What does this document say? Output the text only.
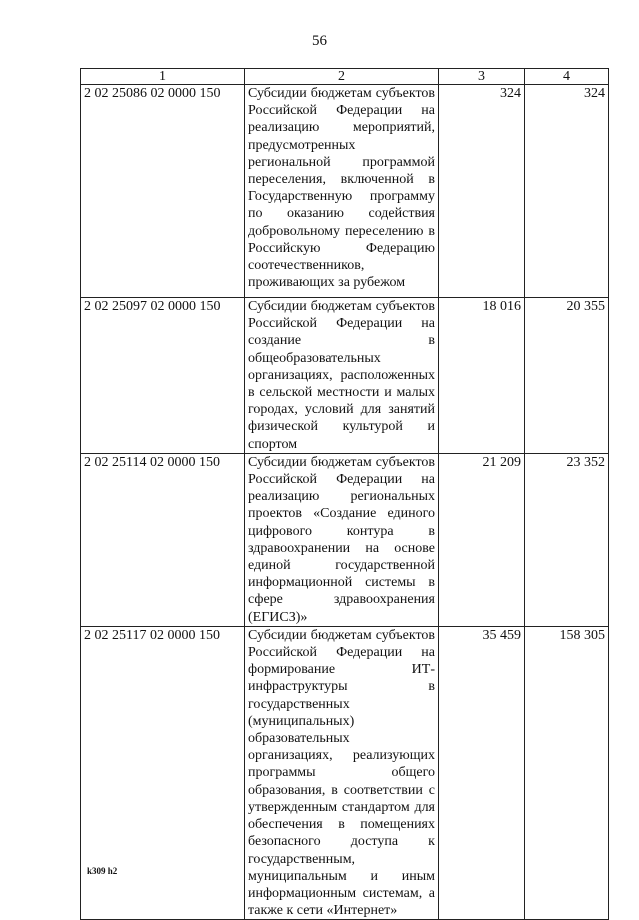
56
1	2	3	4
2 02 25086 02 0000 150	Субсидии бюджетам субъектов Российской Федерации на реализацию мероприятий, предусмотренных региональной программой переселения, включенной в Государственную программу по оказанию содействия добровольному переселению в Российскую Федерацию соотечественников, проживающих за рубежом	324	324
2 02 25097 02 0000 150	Субсидии бюджетам субъектов Российской Федерации на создание в общеобразовательных организациях, расположенных в сельской местности и малых городах, условий для занятий физической культурой и спортом	18 016	20 355
2 02 25114 02 0000 150	Субсидии бюджетам субъектов Российской Федерации на реализацию региональных проектов «Создание единого цифрового контура в здравоохранении на основе единой государственной информационной системы в сфере здравоохранения (ЕГИСЗ)»	21 209	23 352
2 02 25117 02 0000 150	Субсидии бюджетам субъектов Российской Федерации на формирование ИТ-инфраструктуры в государственных (муниципальных) образовательных организациях, реализующих программы общего образования, в соответствии с утвержденным стандартом для обеспечения в помещениях безопасного доступа к государственным, муниципальным и иным информационным системам, а также к сети «Интернет»	35 459	158 305
k309 h2
